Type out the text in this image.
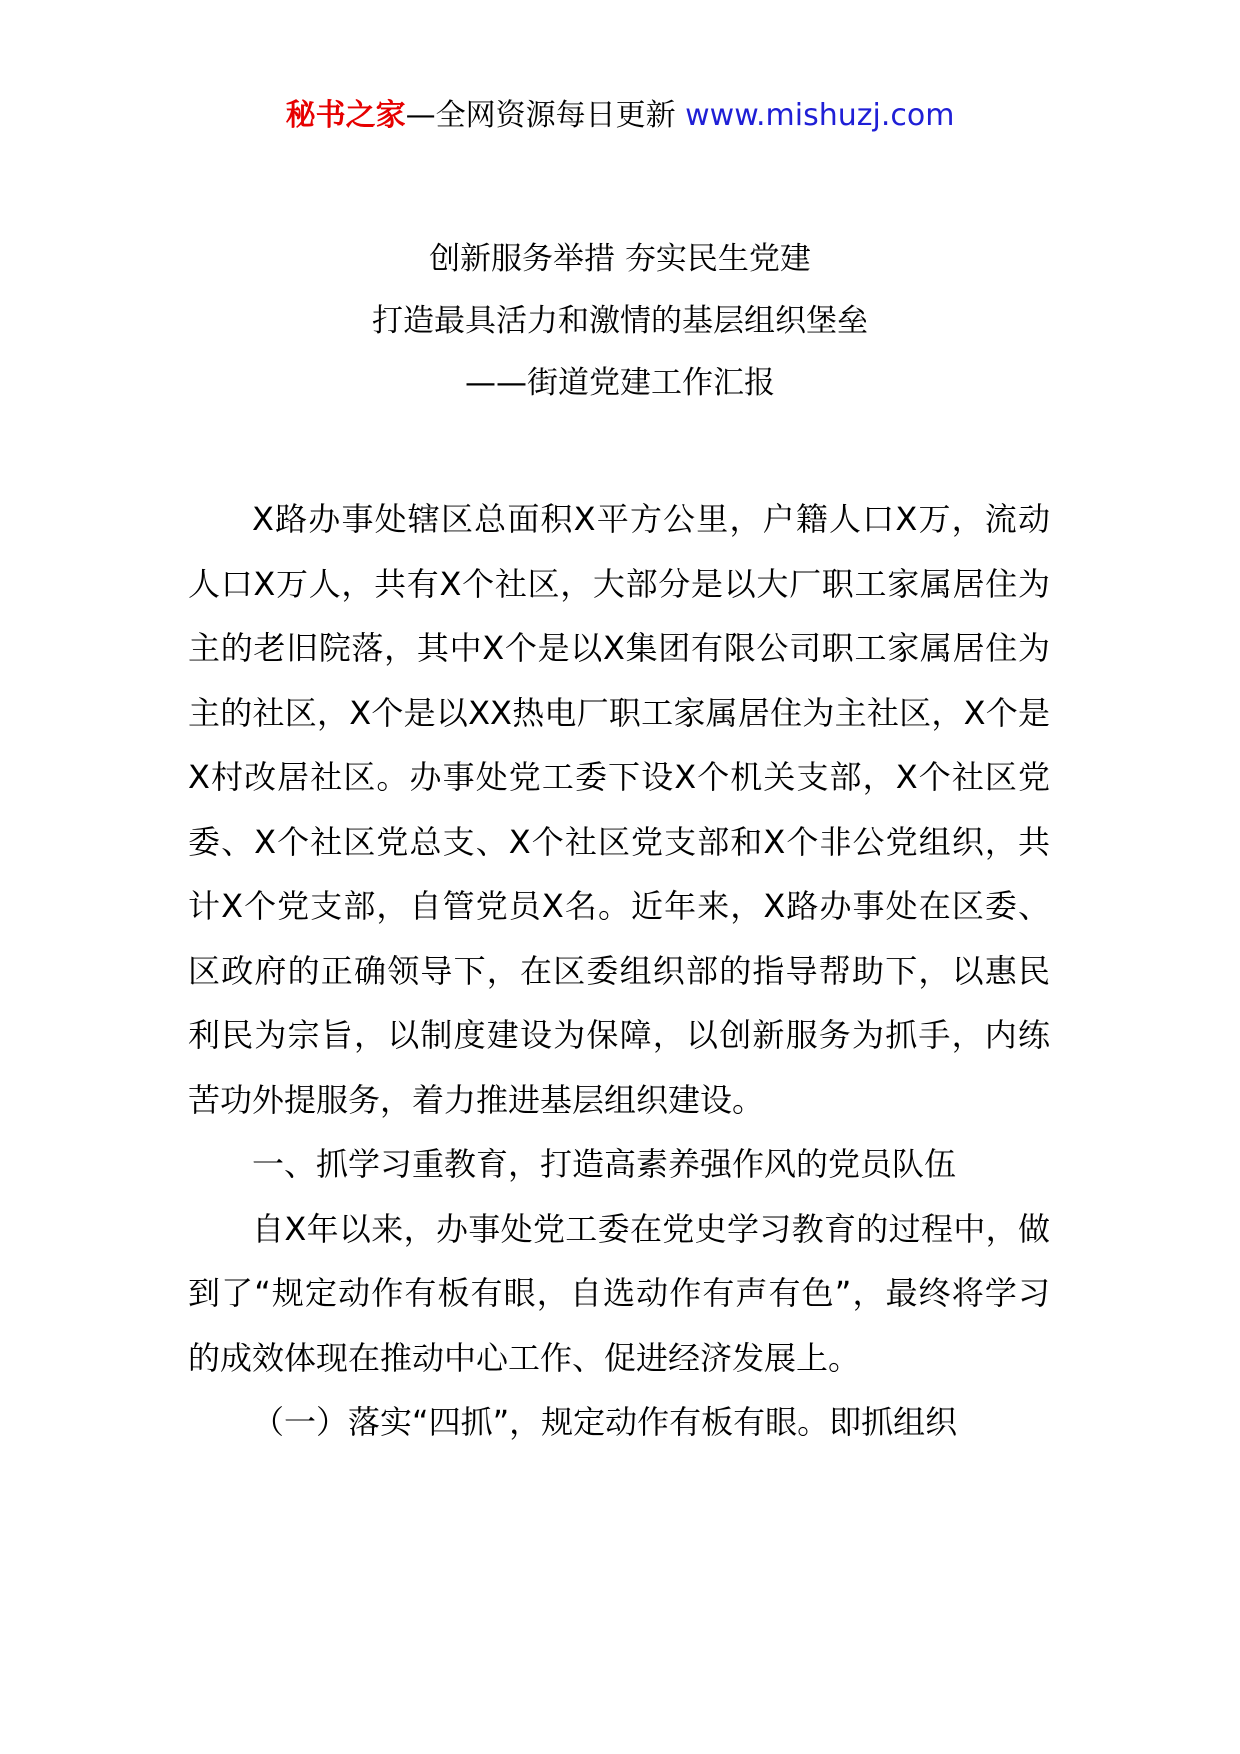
秘书之家—全网资源每日更新 www.mishuzj.com
创新服务举措 夯实民生党建
打造最具活力和激情的基层组织堡垒
——街道党建工作汇报

X路办事处辖区总面积X平方公里，户籍人口X万，流动人口X万人，共有X个社区，大部分是以大厂职工家属居住为主的老旧院落，其中X个是以X集团有限公司职工家属居住为主的社区，X个是以XX热电厂职工家属居住为主社区，X个是X村改居社区。办事处党工委下设X个机关支部，X个社区党委、X个社区党总支、X个社区党支部和X个非公党组织，共计X个党支部，自管党员X名。近年来，X路办事处在区委、区政府的正确领导下，在区委组织部的指导帮助下，以惠民利民为宗旨，以制度建设为保障，以创新服务为抓手，内练苦功外提服务，着力推进基层组织建设。

一、抓学习重教育，打造高素养强作风的党员队伍

自X年以来，办事处党工委在党史学习教育的过程中，做到了“规定动作有板有眼，自选动作有声有色”，最终将学习的成效体现在推动中心工作、促进经济发展上。

（一）落实“四抓”，规定动作有板有眼。即抓组织
